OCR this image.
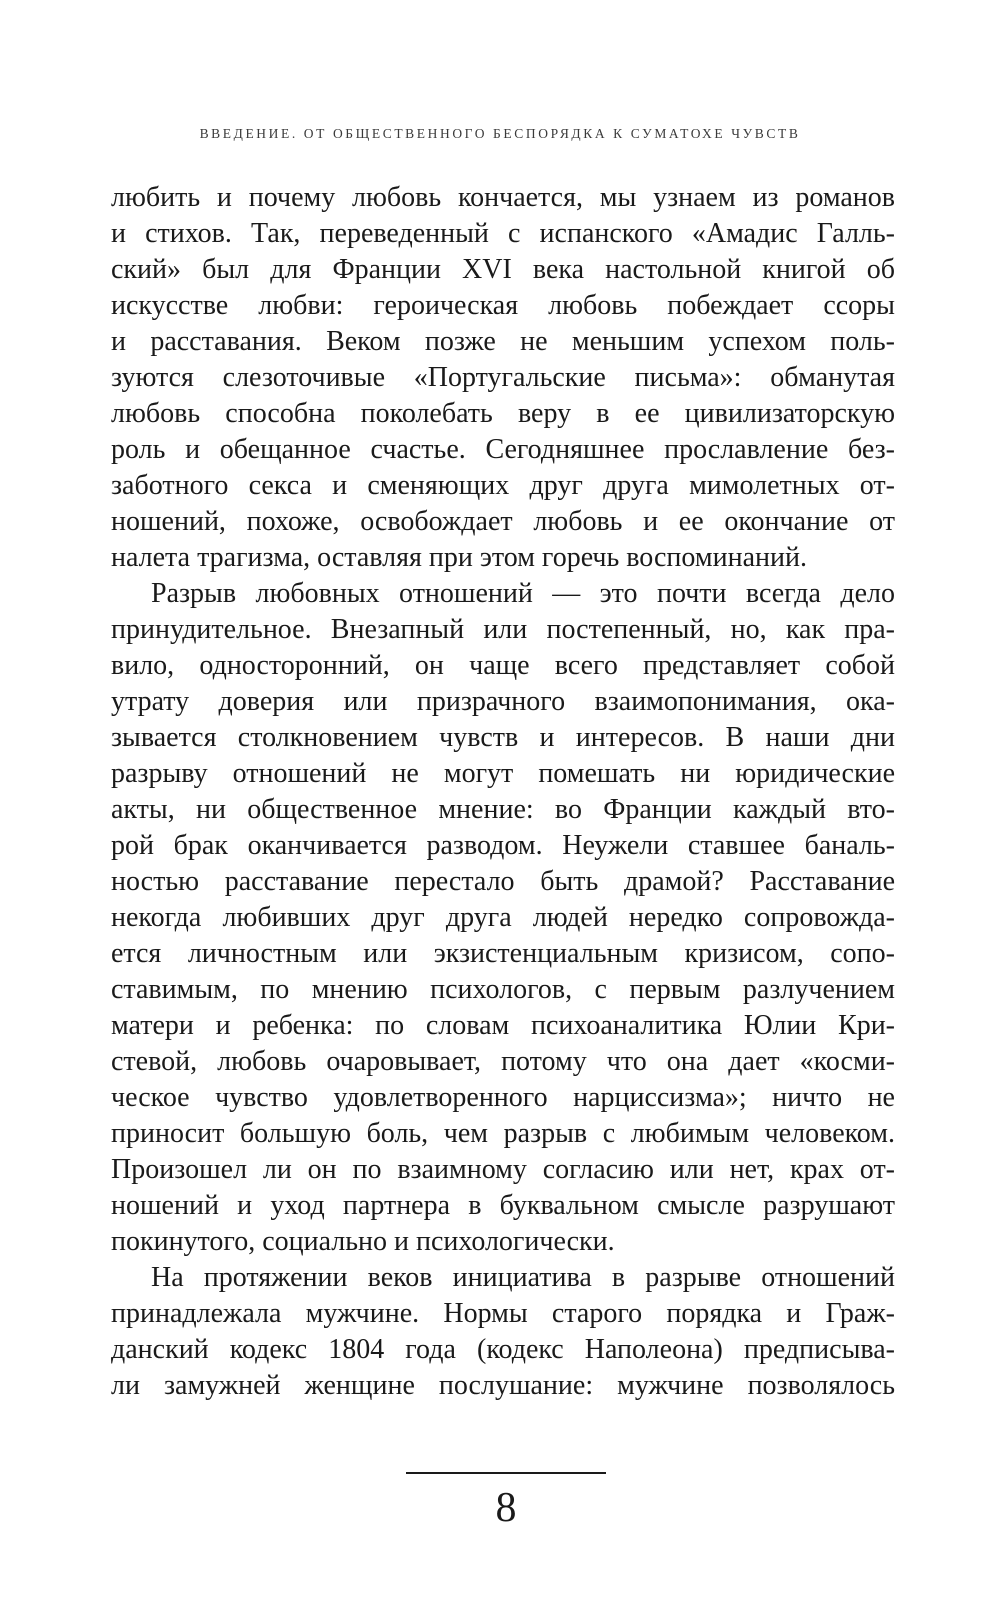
ВВЕДЕНИЕ. ОТ ОБЩЕСТВЕННОГО БЕСПОРЯДКА К СУМАТОХЕ ЧУВСТВ
любить и почему любовь кончается, мы узнаем из романов
и стихов. Так, переведенный с испанского «Амадис Галль-
ский» был для Франции XVI века настольной книгой об
искусстве любви: героическая любовь побеждает ссоры
и расставания. Веком позже не меньшим успехом поль-
зуются слезоточивые «Португальские письма»: обманутая
любовь способна поколебать веру в ее цивилизаторскую
роль и обещанное счастье. Сегодняшнее прославление без-
заботного секса и сменяющих друг друга мимолетных от-
ношений, похоже, освобождает любовь и ее окончание от
налета трагизма, оставляя при этом горечь воспоминаний.
Разрыв любовных отношений — это почти всегда дело
принудительное. Внезапный или постепенный, но, как пра-
вило, односторонний, он чаще всего представляет собой
утрату доверия или призрачного взаимопонимания, ока-
зывается столкновением чувств и интересов. В наши дни
разрыву отношений не могут помешать ни юридические
акты, ни общественное мнение: во Франции каждый вто-
рой брак оканчивается разводом. Неужели ставшее баналь-
ностью расставание перестало быть драмой? Расставание
некогда любивших друг друга людей нередко сопровожда-
ется личностным или экзистенциальным кризисом, сопо-
ставимым, по мнению психологов, с первым разлучением
матери и ребенка: по словам психоаналитика Юлии Кри-
стевой, любовь очаровывает, потому что она дает «косми-
ческое чувство удовлетворенного нарциссизма»; ничто не
приносит большую боль, чем разрыв с любимым человеком.
Произошел ли он по взаимному согласию или нет, крах от-
ношений и уход партнера в буквальном смысле разрушают
покинутого, социально и психологически.
На протяжении веков инициатива в разрыве отношений
принадлежала мужчине. Нормы старого порядка и Граж-
данский кодекс 1804 года (кодекс Наполеона) предписыва-
ли замужней женщине послушание: мужчине позволялось
8
